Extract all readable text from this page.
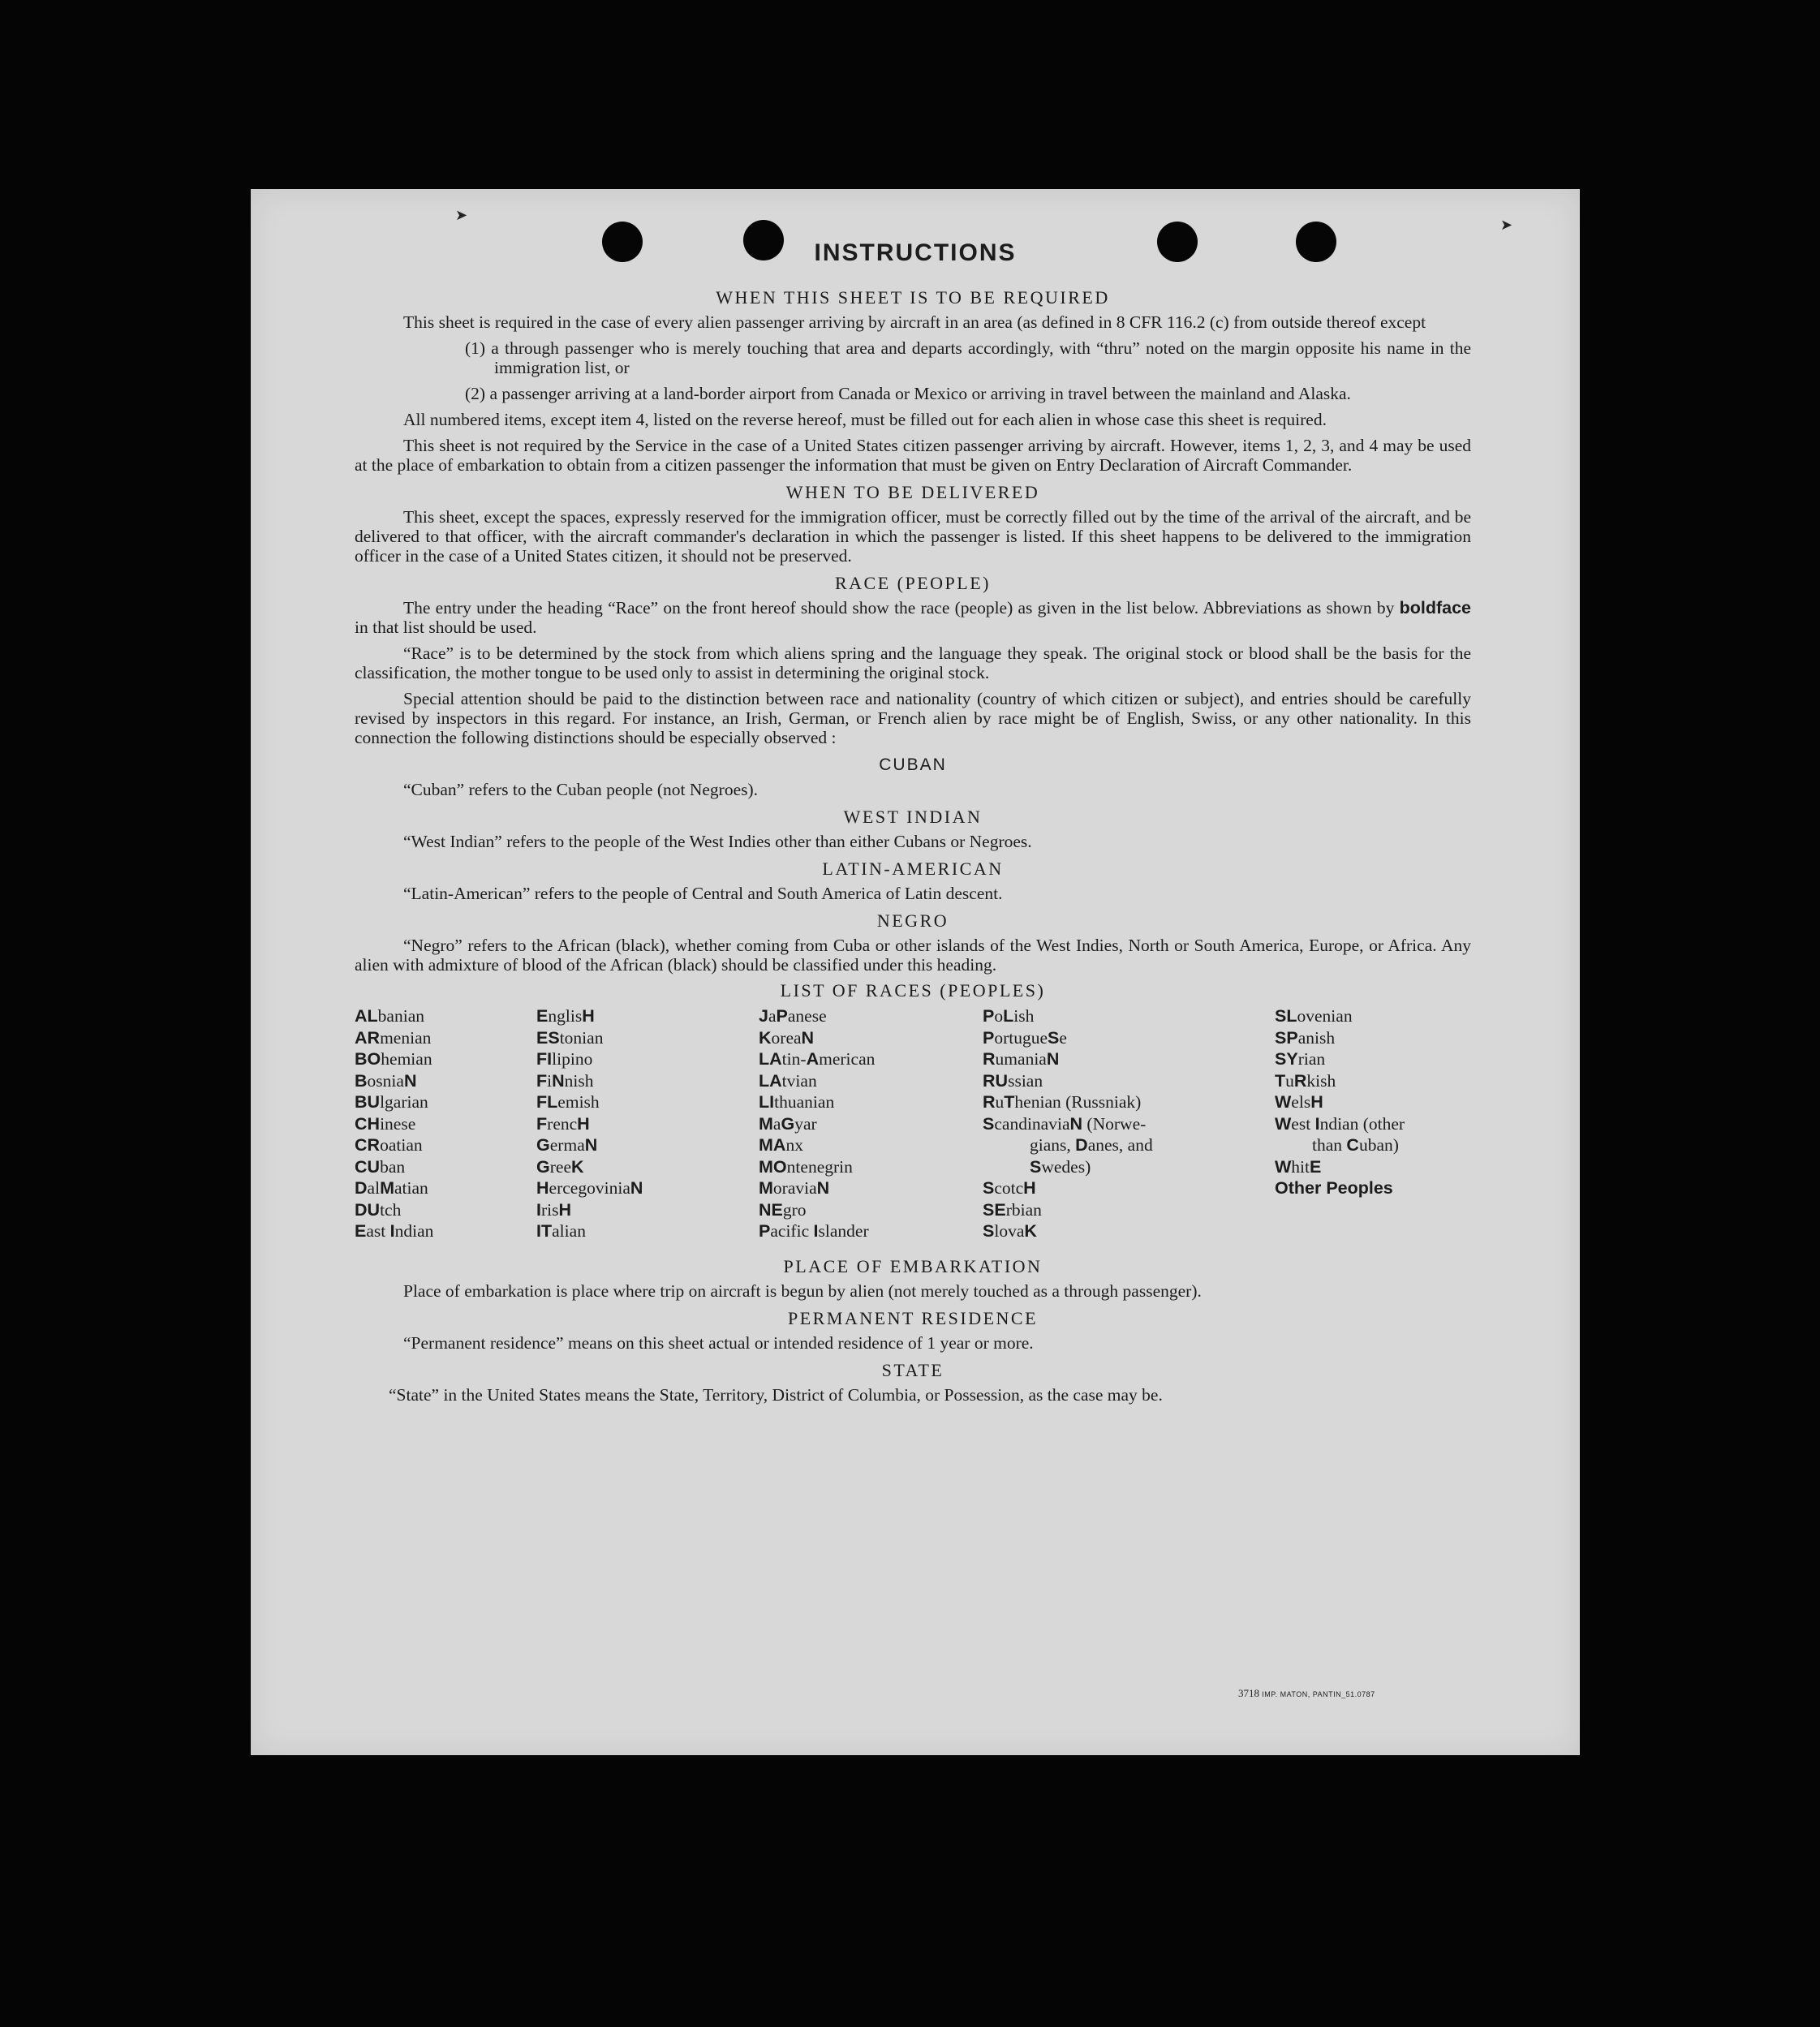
➤
➤
INSTRUCTIONS
WHEN THIS SHEET IS TO BE REQUIRED

This sheet is required in the case of every alien passenger arriving by aircraft in an area (as defined in 8 CFR 116.2 (c) from outside thereof except

(1) a through passenger who is merely touching that area and departs accordingly, with “thru” noted on the margin opposite his name in the immigration list, or

(2) a passenger arriving at a land-border airport from Canada or Mexico or arriving in travel between the mainland and Alaska.

All numbered items, except item 4, listed on the reverse hereof, must be filled out for each alien in whose case this sheet is required.

This sheet is not required by the Service in the case of a United States citizen passenger arriving by aircraft. However, items 1, 2, 3, and 4 may be used at the place of embarkation to obtain from a citizen passenger the information that must be given on Entry Declaration of Aircraft Commander.

WHEN TO BE DELIVERED

This sheet, except the spaces, expressly reserved for the immigration officer, must be correctly filled out by the time of the arrival of the aircraft, and be delivered to that officer, with the aircraft commander's declaration in which the passenger is listed. If this sheet happens to be delivered to the immigration officer in the case of a United States citizen, it should not be preserved.

RACE (PEOPLE)

The entry under the heading “Race” on the front hereof should show the race (people) as given in the list below. Abbreviations as shown by boldface in that list should be used.

“Race” is to be determined by the stock from which aliens spring and the language they speak. The original stock or blood shall be the basis for the classification, the mother tongue to be used only to assist in determining the original stock.

Special attention should be paid to the distinction between race and nationality (country of which citizen or subject), and entries should be carefully revised by inspectors in this regard. For instance, an Irish, German, or French alien by race might be of English, Swiss, or any other nationality. In this connection the following distinctions should be especially observed :

CUBAN

“Cuban” refers to the Cuban people (not Negroes).

WEST INDIAN

“West Indian” refers to the people of the West Indies other than either Cubans or Negroes.

LATIN-AMERICAN

“Latin-American” refers to the people of Central and South America of Latin descent.

NEGRO

“Negro” refers to the African (black), whether coming from Cuba or other islands of the West Indies, North or South America, Europe, or Africa. Any alien with admixture of blood of the African (black) should be classified under this heading.

LIST OF RACES (PEOPLES)
ALbanian
ARmenian
BOhemian
BosniaN
BUlgarian
CHinese
CRoatian
CUban
DalMatian
DUtch
East Indian
EnglisH
EStonian
FIlipino
FiNnish
FLemish
FrencH
GermaN
GreeK
HercegoviniaN
IrisH
ITalian
JaPanese
KoreaN
LAtin-American
LAtvian
LIthuanian
MaGyar
MAnx
MOntenegrin
MoraviaN
NEgro
Pacific Islander
PoLish
PortugueSe
RumaniaN
RUssian
RuThenian (Russniak)
ScandinaviaN (Norwe-
gians, Danes, and
Swedes)
ScotcH
SErbian
SlovaK
SLovenian
SPanish
SYrian
TuRkish
WelsH
West Indian (other
than Cuban)
WhitE
Other Peoples
PLACE OF EMBARKATION

Place of embarkation is place where trip on aircraft is begun by alien (not merely touched as a through passenger).

PERMANENT RESIDENCE

“Permanent residence” means on this sheet actual or intended residence of 1 year or more.

STATE

“State” in the United States means the State, Territory, District of Columbia, or Possession, as the case may be.

3718 IMP. MATON, PANTIN_51.0787
